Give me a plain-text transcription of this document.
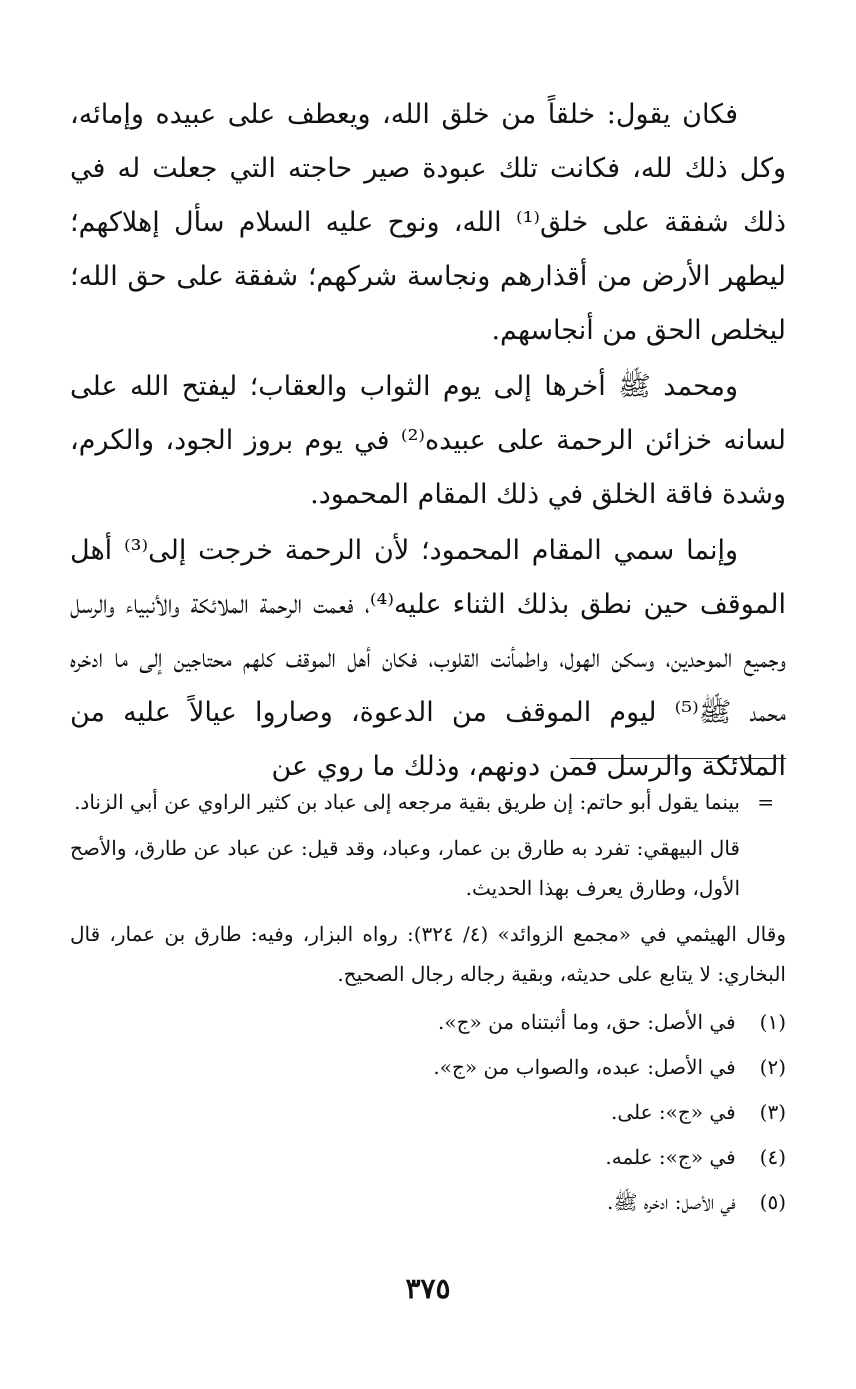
فكان يقول: خلقاً من خلق الله، ويعطف على عبيده وإمائه، وكل ذلك لله، فكانت تلك عبودة صير حاجته التي جعلت له في ذلك شفقة على خلق⁽¹⁾ الله، ونوح عليه السلام سأل إهلاكهم؛ ليطهر الأرض من أقذارهم ونجاسة شركهم؛ شفقة على حق الله؛ ليخلص الحق من أنجاسهم.

ومحمد ﷺ أخرها إلى يوم الثواب والعقاب؛ ليفتح الله على لسانه خزائن الرحمة على عبيده⁽²⁾ في يوم بروز الجود، والكرم، وشدة فاقة الخلق في ذلك المقام المحمود.

وإنما سمي المقام المحمود؛ لأن الرحمة خرجت إلى⁽³⁾ أهل الموقف حين نطق بذلك الثناء عليه⁽⁴⁾، فعمت الرحمة الملائكة والأنبياء والرسل وجميع الموحدين، وسكن الهول، واطمأنت القلوب، فكان أهل الموقف كلهم محتاجين إلى ما ادخره محمد ﷺ⁽⁵⁾ ليوم الموقف من الدعوة، وصاروا عيالاً عليه من الملائكة والرسل فمن دونهم، وذلك ما روي عن

=
بينما يقول أبو حاتم: إن طريق بقية مرجعه إلى عباد بن كثير الراوي عن أبي الزناد.

قال البيهقي: تفرد به طارق بن عمار، وعباد، وقد قيل: عن عباد عن طارق، والأصح الأول، وطارق يعرف بهذا الحديث.

وقال الهيثمي في «مجمع الزوائد» (٤/ ٣٢٤): رواه البزار، وفيه: طارق بن عمار، قال البخاري: لا يتابع على حديثه، وبقية رجاله رجال الصحيح.

(١) في الأصل: حق، وما أثبتناه من «ج».
(٢) في الأصل: عبده، والصواب من «ج».
(٣) في «ج»: على.
(٤) في «ج»: علمه.
(٥) في الأصل: ادخره ﷺ.
٣٧٥
